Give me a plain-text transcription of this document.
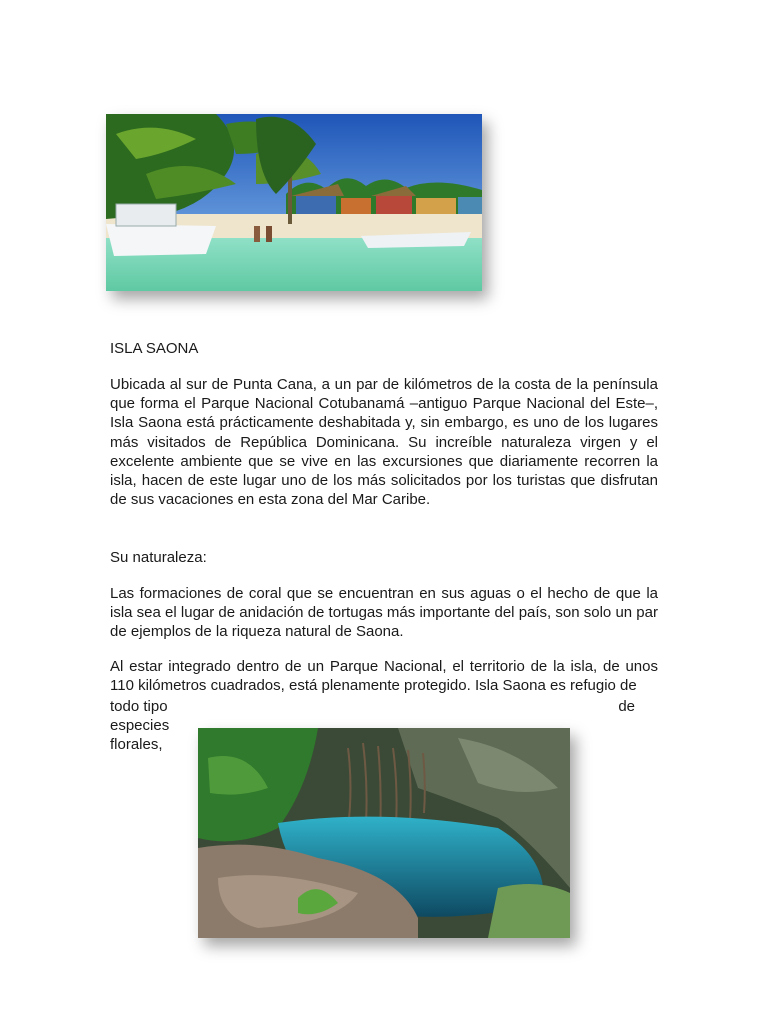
ISLA SAONA

Ubicada al sur de Punta Cana, a un par de kilómetros de la costa de la península que forma el Parque Nacional Cotubanamá –antiguo Parque Nacional del Este–, Isla Saona está prácticamente deshabitada y, sin embargo, es uno de los lugares más visitados de República Dominicana. Su increíble naturaleza virgen y el excelente ambiente que se vive en las excursiones que diariamente recorren la isla, hacen de este lugar uno de los más solicitados por los turistas que disfrutan de sus vacaciones en esta zona del Mar Caribe.

Su naturaleza:

Las formaciones de coral que se encuentran en sus aguas o el hecho de que la isla sea el lugar de anidación de tortugas más importante del país, son solo un par de ejemplos de la riqueza natural de Saona.

Al estar integrado dentro de un Parque Nacional, el territorio de la isla, de unos 110 kilómetros cuadrados, está plenamente protegido. Isla Saona es refugio de

todo tipo	de
especies
florales,
